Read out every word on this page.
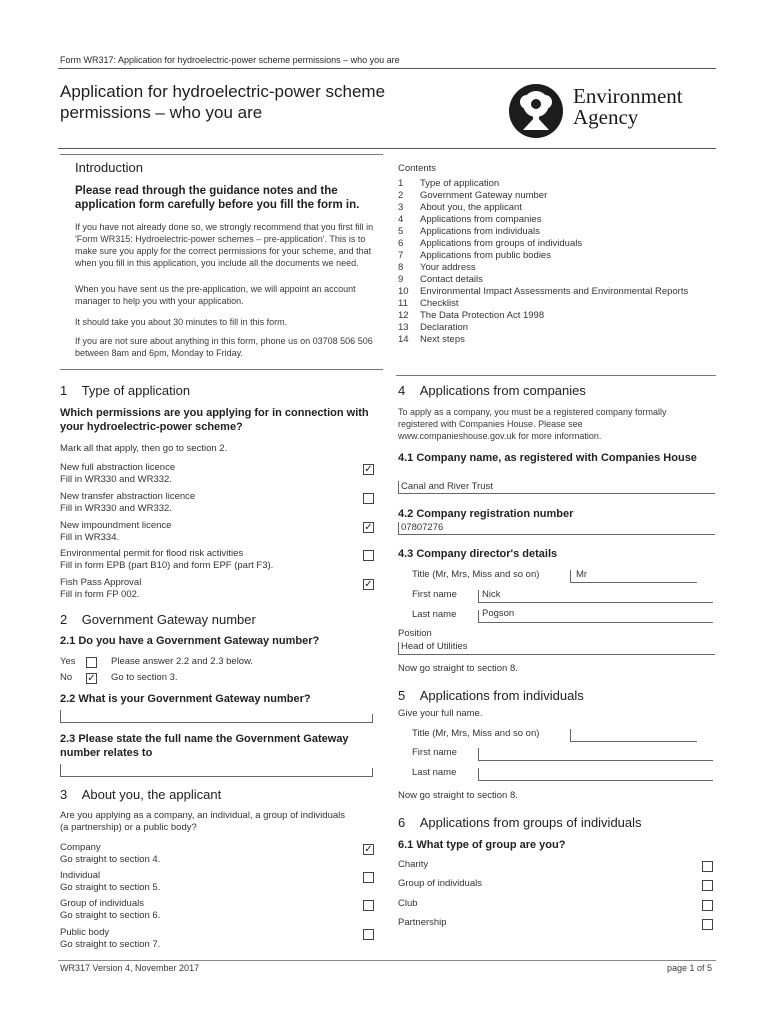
Form WR317: Application for hydroelectric-power scheme permissions – who you are
Application for hydroelectric-power scheme permissions – who you are
Environment
Agency
Introduction
Please read through the guidance notes and the application form carefully before you fill the form in.
If you have not already done so, we strongly recommend that you first fill in 'Form WR315: Hydroelectric-power schemes – pre-application'. This is to make sure you apply for the correct permissions for your scheme, and that when you fill in this application, you include all the documents we need.
When you have sent us the pre-application, we will appoint an account manager to help you with your application.
It should take you about 30 minutes to fill in this form.
If you are not sure about anything in this form, phone us on 03708 506 506 between 8am and 6pm, Monday to Friday.
Contents
1	Type of application
2	Government Gateway number
3	About you, the applicant
4	Applications from companies
5	Applications from individuals
6	Applications from groups of individuals
7	Applications from public bodies
8	Your address
9	Contact details
10	Environmental Impact Assessments and Environmental Reports
11	Checklist
12	The Data Protection Act 1998
13	Declaration
14	Next steps
1 Type of application
Which permissions are you applying for in connection with your hydroelectric-power scheme?
Mark all that apply, then go to section 2.
New full abstraction licence
Fill in WR330 and WR332.
✓
New transfer abstraction licence
Fill in WR330 and WR332.
New impoundment licence
Fill in WR334.
✓
Environmental permit for flood risk activities
Fill in form EPB (part B10) and form EPF (part F3).
Fish Pass Approval
Fill in form FP 002.
✓
2 Government Gateway number
2.1 Do you have a Government Gateway number?
Yes	Please answer 2.2 and 2.3 below.
No ✓ Go to section 3.
2.2 What is your Government Gateway number?
2.3 Please state the full name the Government Gateway number relates to
3 About you, the applicant
Are you applying as a company, an individual, a group of individuals (a partnership) or a public body?
Company
Go straight to section 4.
✓
Individual
Go straight to section 5.
Group of individuals
Go straight to section 6.
Public body
Go straight to section 7.
4 Applications from companies
To apply as a company, you must be a registered company formally registered with Companies House. Please see www.companieshouse.gov.uk for more information.
4.1 Company name, as registered with Companies House
Canal and River Trust
4.2 Company registration number
07807276
4.3 Company director's details
Title (Mr, Mrs, Miss and so on)	Mr
First name	Nick
Last name	Pogson
Position
Head of Utilities
Now go straight to section 8.
5 Applications from individuals
Give your full name.
Title (Mr, Mrs, Miss and so on)
First name
Last name
Now go straight to section 8.
6 Applications from groups of individuals
6.1 What type of group are you?
Charity
Group of individuals
Club
Partnership
WR317 Version 4, November 2017	page 1 of 5
